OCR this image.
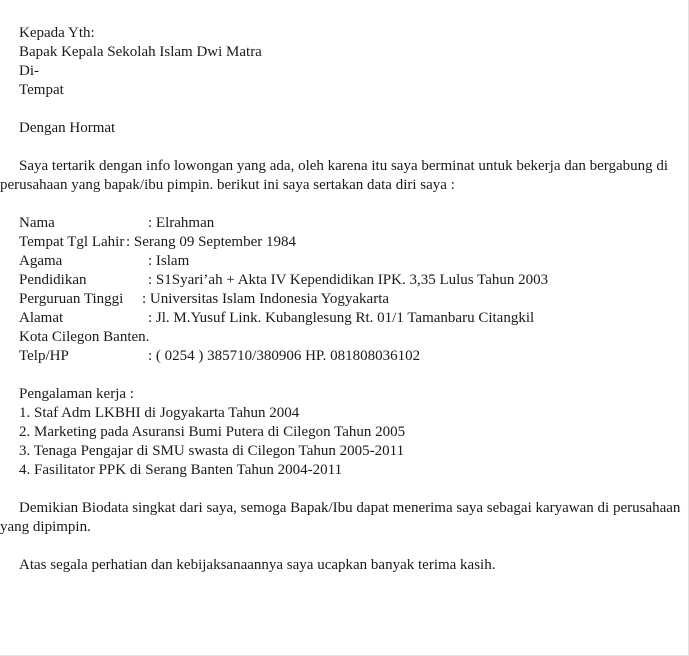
Kepada Yth:
Bapak Kepala Sekolah Islam Dwi Matra
Di-
Tempat
Dengan Hormat
Saya tertarik dengan info lowongan yang ada, oleh karena itu saya berminat untuk bekerja dan bergabung di
perusahaan yang bapak/ibu pimpin. berikut ini saya sertakan data diri saya :
Nama	: Elrahman
Tempat Tgl Lahir : Serang 09 September 1984
Agama	: Islam
Pendidikan	: S1Syari’ah + Akta IV Kependidikan IPK. 3,35 Lulus Tahun 2003
Perguruan Tinggi : Universitas Islam Indonesia Yogyakarta
Alamat	: Jl. M.Yusuf Link. Kubanglesung Rt. 01/1 Tamanbaru Citangkil
Kota Cilegon Banten.
Telp/HP	: ( 0254 ) 385710/380906 HP. 081808036102
Pengalaman kerja :
1. Staf Adm LKBHI di Jogyakarta Tahun 2004
2. Marketing pada Asuransi Bumi Putera di Cilegon Tahun 2005
3. Tenaga Pengajar di SMU swasta di Cilegon Tahun 2005-2011
4. Fasilitator PPK di Serang Banten Tahun 2004-2011
Demikian Biodata singkat dari saya, semoga Bapak/Ibu dapat menerima saya sebagai karyawan di perusahaan
yang dipimpin.
Atas segala perhatian dan kebijaksanaannya saya ucapkan banyak terima kasih.
